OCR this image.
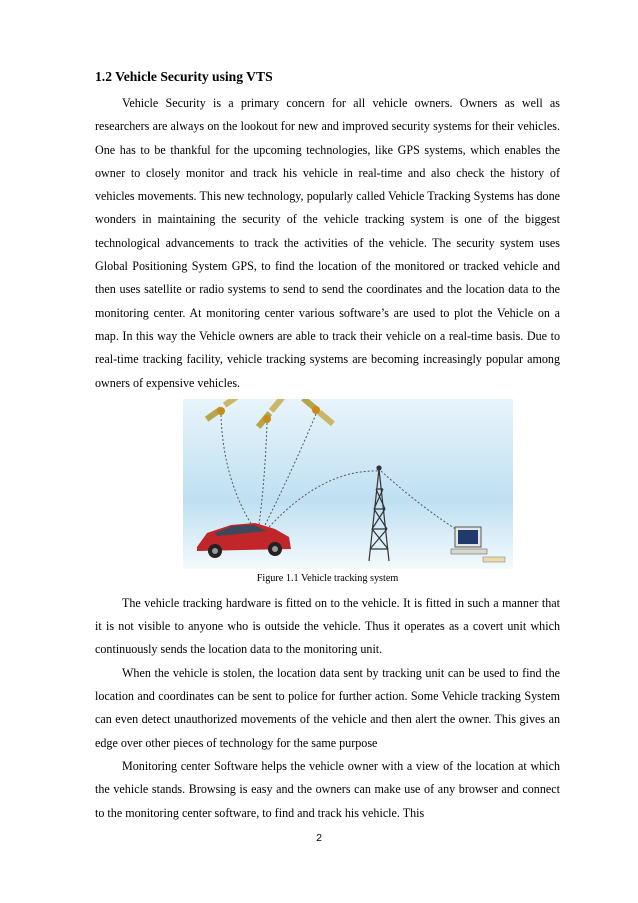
1.2 Vehicle Security using VTS

Vehicle Security is a primary concern for all vehicle owners. Owners as well as researchers are always on the lookout for new and improved security systems for their vehicles. One has to be thankful for the upcoming technologies, like GPS systems, which enables the owner to closely monitor and track his vehicle in real-time and also check the history of vehicles movements. This new technology, popularly called Vehicle Tracking Systems has done wonders in maintaining the security of the vehicle tracking system is one of the biggest technological advancements to track the activities of the vehicle. The security system uses Global Positioning System GPS, to find the location of the monitored or tracked vehicle and then uses satellite or radio systems to send to send the coordinates and the location data to the monitoring center. At monitoring center various software’s are used to plot the Vehicle on a map. In this way the Vehicle owners are able to track their vehicle on a real-time basis. Due to real-time tracking facility, vehicle tracking systems are becoming increasingly popular among owners of expensive vehicles.

Figure 1.1 Vehicle tracking system

The vehicle tracking hardware is fitted on to the vehicle. It is fitted in such a manner that it is not visible to anyone who is outside the vehicle. Thus it operates as a covert unit which continuously sends the location data to the monitoring unit.

When the vehicle is stolen, the location data sent by tracking unit can be used to find the location and coordinates can be sent to police for further action. Some Vehicle tracking System can even detect unauthorized movements of the vehicle and then alert the owner. This gives an edge over other pieces of technology for the same purpose

Monitoring center Software helps the vehicle owner with a view of the location at which the vehicle stands. Browsing is easy and the owners can make use of any browser and connect to the monitoring center software, to find and track his vehicle. This

2
